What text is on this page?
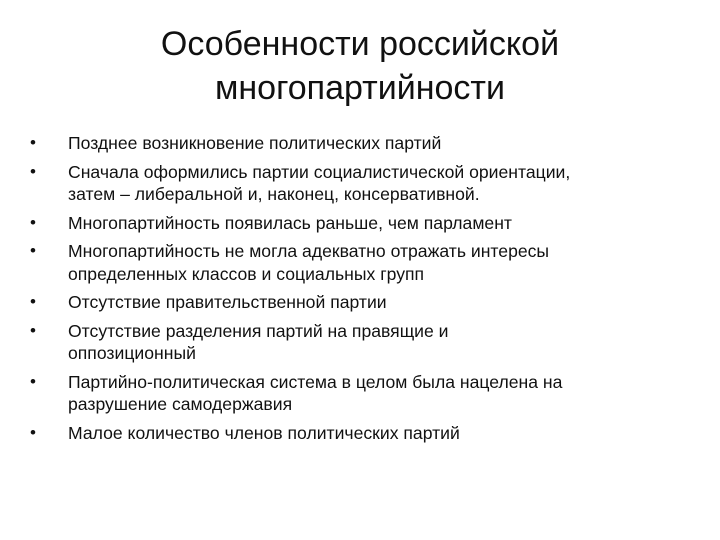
Особенности российской
многопартийности
• Позднее возникновение политических партий
• Сначала оформились партии социалистической ориентации,
затем – либеральной и, наконец, консервативной.
• Многопартийность появилась раньше, чем парламент
• Многопартийность не могла адекватно отражать интересы
определенных классов и социальных групп
• Отсутствие правительственной партии
• Отсутствие разделения партий на правящие и
оппозиционный
• Партийно-политическая система в целом была нацелена на
разрушение самодержавия
• Малое количество членов политических партий
